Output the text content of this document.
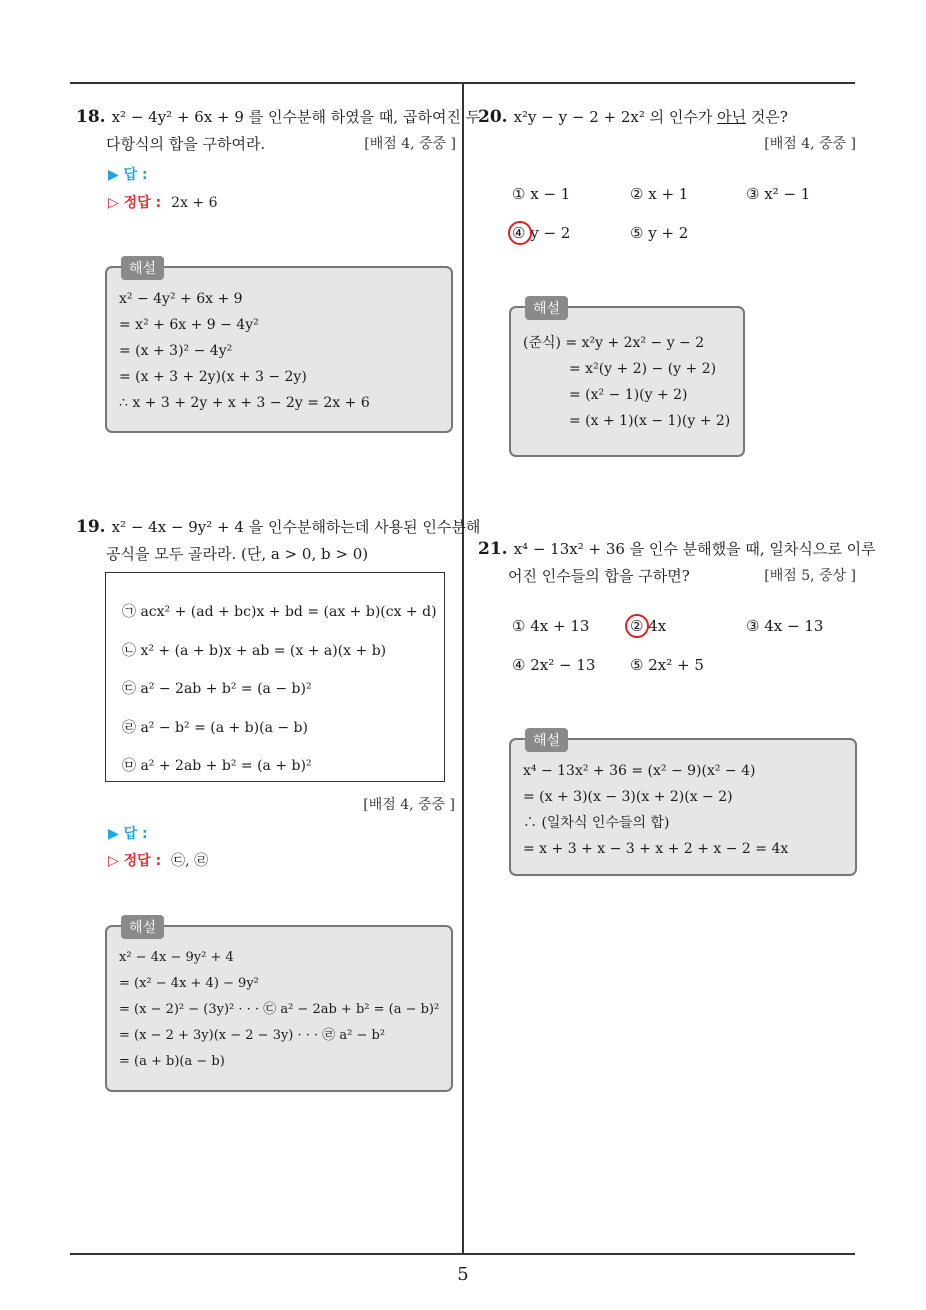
5
18. x² − 4y² + 6x + 9 를 인수분해 하였을 때, 곱하여진 두
다항식의 합을 구하여라.	[배점 4, 중중 ]
▶ 답 :
▷ 정답 : 2x + 6
해설
x² − 4y² + 6x + 9
= x² + 6x + 9 − 4y²
= (x + 3)² − 4y²
= (x + 3 + 2y)(x + 3 − 2y)
∴ x + 3 + 2y + x + 3 − 2y = 2x + 6
19. x² − 4x − 9y² + 4 을 인수분해하는데 사용된 인수분해
공식을 모두 골라라. (단, a > 0, b > 0)
㉠ acx² + (ad + bc)x + bd = (ax + b)(cx + d)
㉡ x² + (a + b)x + ab = (x + a)(x + b)
㉢ a² − 2ab + b² = (a − b)²
㉣ a² − b² = (a + b)(a − b)
㉤ a² + 2ab + b² = (a + b)²
[배점 4, 중중 ]
▶ 답 :
▷ 정답 : ㉢, ㉣
해설
x² − 4x − 9y² + 4
= (x² − 4x + 4) − 9y²
= (x − 2)² − (3y)² · · · ㉢ a² − 2ab + b² = (a − b)²
= (x − 2 + 3y)(x − 2 − 3y) · · · ㉣ a² − b²
= (a + b)(a − b)
20. x²y − y − 2 + 2x² 의 인수가 아닌 것은?
[배점 4, 중중 ]
① x − 1	② x + 1	③ x² − 1
④ y − 2	⑤ y + 2
해설
(준식) = x²y + 2x² − y − 2
= x²(y + 2) − (y + 2)
= (x² − 1)(y + 2)
= (x + 1)(x − 1)(y + 2)
21. x⁴ − 13x² + 36 을 인수 분해했을 때, 일차식으로 이루
어진 인수들의 합을 구하면?	[배점 5, 중상 ]
① 4x + 13	② 4x	③ 4x − 13
④ 2x² − 13 ⑤ 2x² + 5
해설
x⁴ − 13x² + 36 = (x² − 9)(x² − 4)
= (x + 3)(x − 3)(x + 2)(x − 2)
∴ (일차식 인수들의 합)
= x + 3 + x − 3 + x + 2 + x − 2 = 4x
